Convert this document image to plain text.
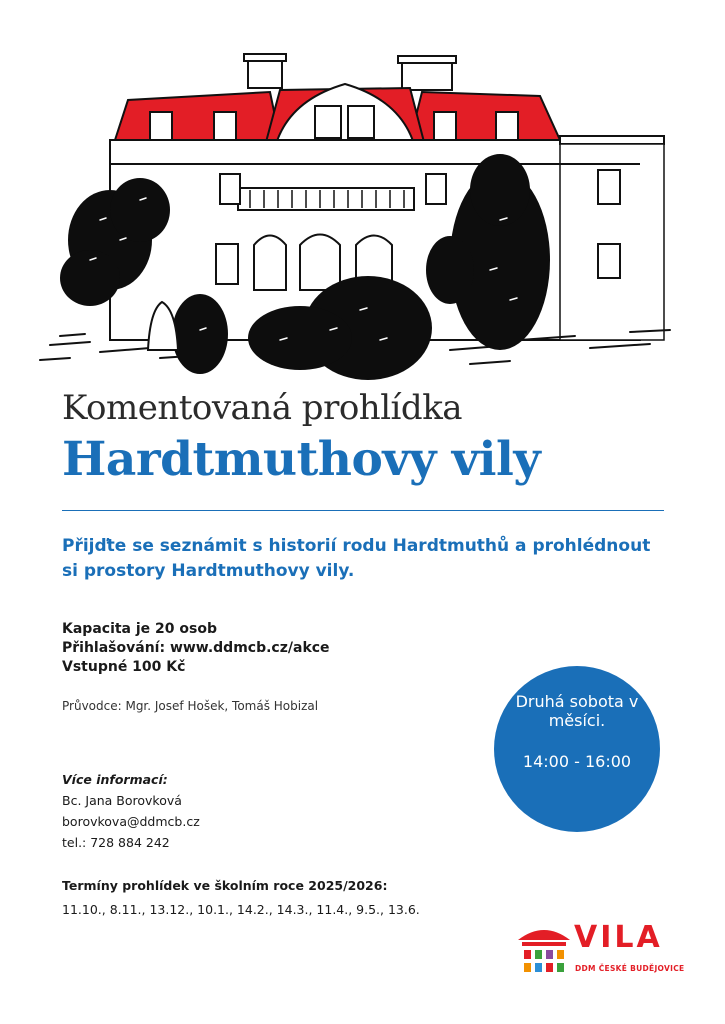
Komentovaná prohlídka
Hardtmuthovy vily
Přijďte se seznámit s historií rodu Hardtmuthů a prohlédnout si prostory Hardtmuthovy vily.
Kapacita je 20 osob
Přihlašování: www.ddmcb.cz/akce
Vstupné 100 Kč
Průvodce: Mgr. Josef Hošek, Tomáš Hobizal	Druhá sobota v měsíci.
14:00 - 16:00
Více informací:
Bc. Jana Borovková
borovkova@ddmcb.cz
tel.: 728 884 242
Termíny prohlídek ve školním roce 2025/2026:
11.10., 8.11., 13.12., 10.1., 14.2., 14.3., 11.4., 9.5., 13.6.
VILA
DDM ČESKÉ BUDĚJOVICE
